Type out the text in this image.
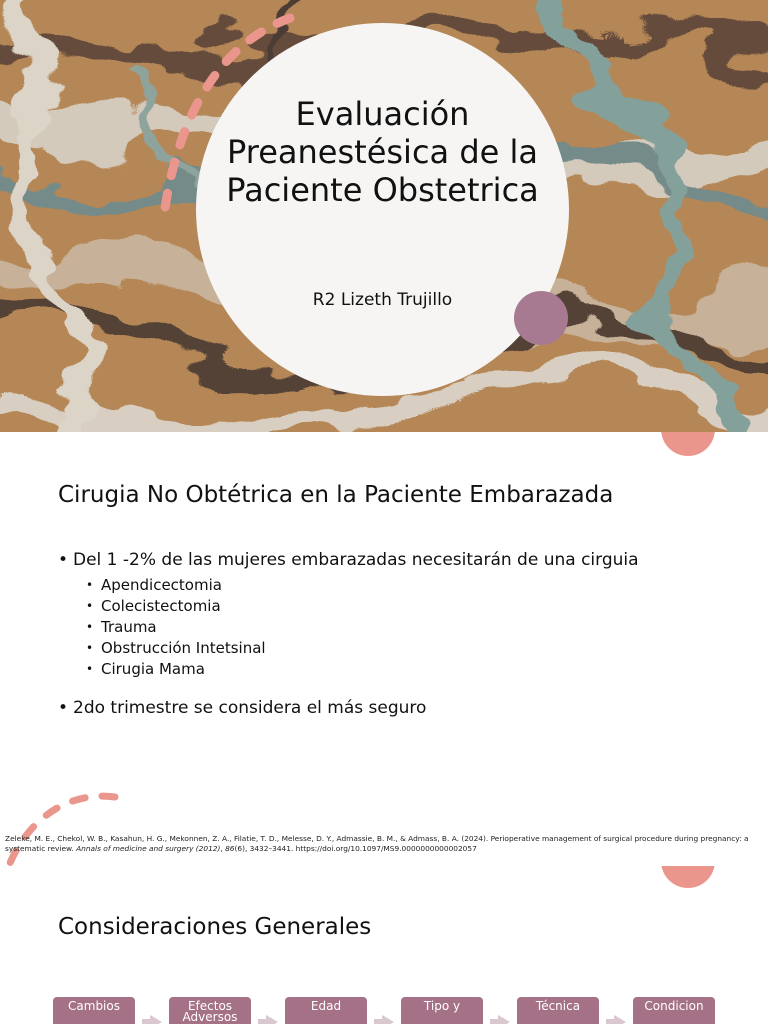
Evaluación Preanestésica de la Paciente Obstetrica
R2 Lizeth Trujillo
Cirugia No Obtétrica en la Paciente Embarazada
• Del 1 -2% de las mujeres embarazadas necesitarán de una cirguia
• Apendicectomia
• Colecistectomia
• Trauma
• Obstrucción Intetsinal
• Cirugia Mama
• 2do trimestre se considera el más seguro
Zeleke, M. E., Chekol, W. B., Kasahun, H. G., Mekonnen, Z. A., Filatie, T. D., Melesse, D. Y., Admassie, B. M., & Admass, B. A. (2024). Perioperative management of surgical procedure during pregnancy: a systematic review. Annals of medicine and surgery (2012), 86(6), 3432–3441. https://doi.org/10.1097/MS9.0000000000002057
Consideraciones Generales
Cambios	Efectos
Adversos
Edad	Tipo y	Técnica	Condicion
